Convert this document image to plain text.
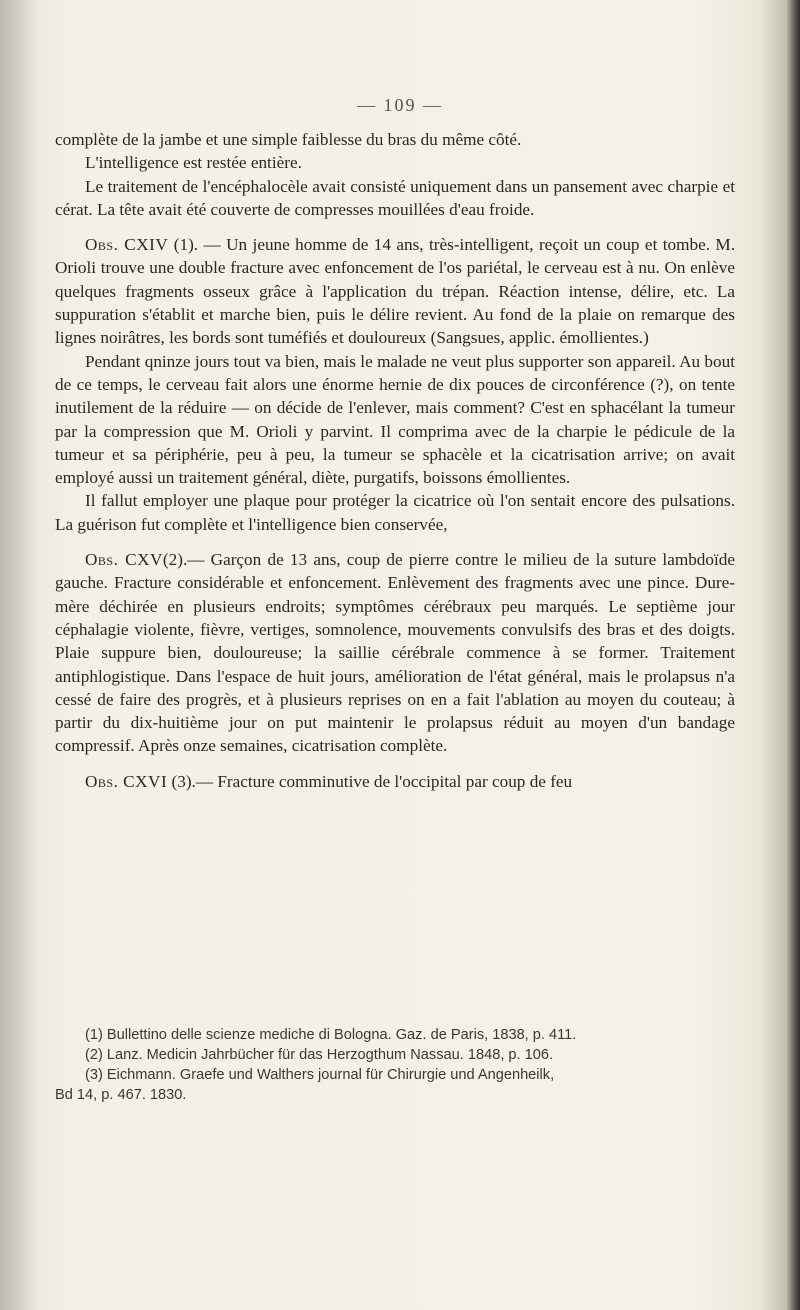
— 109 —

complète de la jambe et une simple faiblesse du bras du même côté.

L'intelligence est restée entière.

Le traitement de l'encéphalocèle avait consisté uniquement dans un pansement avec charpie et cérat. La tête avait été couverte de compresses mouillées d'eau froide.

Obs. CXIV (1). — Un jeune homme de 14 ans, très-intelligent, reçoit un coup et tombe. M. Orioli trouve une double fracture avec enfoncement de l'os pariétal, le cerveau est à nu. On enlève quelques fragments osseux grâce à l'application du trépan. Réaction intense, délire, etc. La suppuration s'établit et marche bien, puis le délire revient. Au fond de la plaie on remarque des lignes noirâtres, les bords sont tuméfiés et douloureux (Sangsues, applic. émollientes.)

Pendant qninze jours tout va bien, mais le malade ne veut plus supporter son appareil. Au bout de ce temps, le cerveau fait alors une énorme hernie de dix pouces de circonférence (?), on tente inutilement de la réduire — on décide de l'enlever, mais comment? C'est en sphacélant la tumeur par la compression que M. Orioli y parvint. Il comprima avec de la charpie le pédicule de la tumeur et sa périphérie, peu à peu, la tumeur se sphacèle et la cicatrisation arrive; on avait employé aussi un traitement général, diète, purgatifs, boissons émollientes.

Il fallut employer une plaque pour protéger la cicatrice où l'on sentait encore des pulsations. La guérison fut complète et l'intelligence bien conservée,

Obs. CXV(2).— Garçon de 13 ans, coup de pierre contre le milieu de la suture lambdoïde gauche. Fracture considérable et enfoncement. Enlèvement des fragments avec une pince. Dure-mère déchirée en plusieurs endroits; symptômes cérébraux peu marqués. Le septième jour céphalagie violente, fièvre, vertiges, somnolence, mouvements convulsifs des bras et des doigts. Plaie suppure bien, douloureuse; la saillie cérébrale commence à se former. Traitement antiphlogistique. Dans l'espace de huit jours, amélioration de l'état général, mais le prolapsus n'a cessé de faire des progrès, et à plusieurs reprises on en a fait l'ablation au moyen du couteau; à partir du dix-huitième jour on put maintenir le prolapsus réduit au moyen d'un bandage compressif. Après onze semaines, cicatrisation complète.

Obs. CXVI (3).— Fracture comminutive de l'occipital par coup de feu

(1) Bullettino delle scienze mediche di Bologna. Gaz. de Paris, 1838, p. 411.

(2) Lanz. Medicin Jahrbücher für das Herzogthum Nassau. 1848, p. 106.

(3) Eichmann. Graefe und Walthers journal für Chirurgie und Angenheilk,

Bd 14, p. 467. 1830.
